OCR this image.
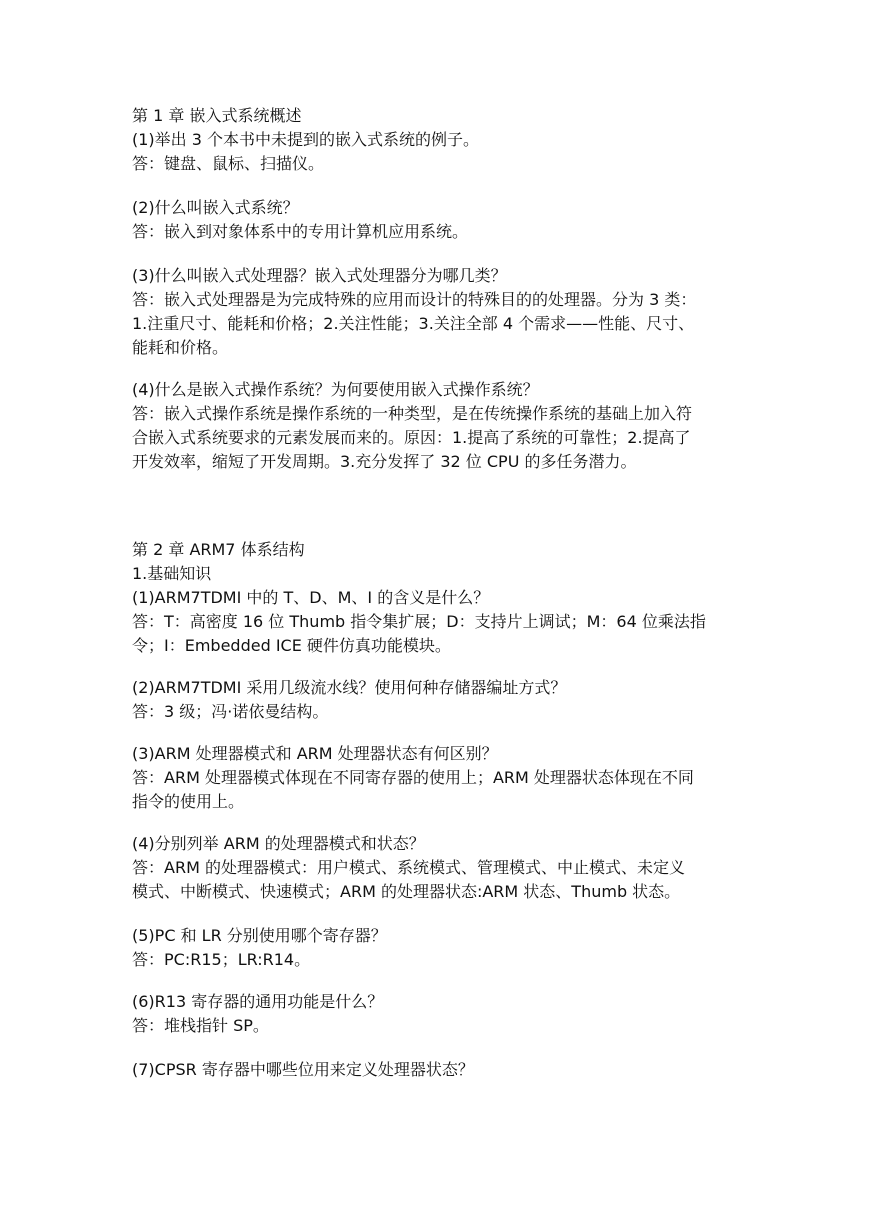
第 1 章 嵌入式系统概述
(1)举出 3 个本书中未提到的嵌入式系统的例子。
答：键盘、鼠标、扫描仪。
(2)什么叫嵌入式系统？
答：嵌入到对象体系中的专用计算机应用系统。
(3)什么叫嵌入式处理器？嵌入式处理器分为哪几类？
答：嵌入式处理器是为完成特殊的应用而设计的特殊目的的处理器。分为 3 类：
1.注重尺寸、能耗和价格；2.关注性能；3.关注全部 4 个需求——性能、尺寸、
能耗和价格。
(4)什么是嵌入式操作系统？为何要使用嵌入式操作系统？
答：嵌入式操作系统是操作系统的一种类型，是在传统操作系统的基础上加入符
合嵌入式系统要求的元素发展而来的。原因：1.提高了系统的可靠性；2.提高了
开发效率，缩短了开发周期。3.充分发挥了 32 位 CPU 的多任务潜力。
第 2 章 ARM7 体系结构
1.基础知识
(1)ARM7TDMI 中的 T、D、M、I 的含义是什么？
答：T：高密度 16 位 Thumb 指令集扩展；D：支持片上调试；M：64 位乘法指
令；I：Embedded ICE 硬件仿真功能模块。
(2)ARM7TDMI 采用几级流水线？使用何种存储器编址方式？
答：3 级；冯·诺依曼结构。
(3)ARM 处理器模式和 ARM 处理器状态有何区别？
答：ARM 处理器模式体现在不同寄存器的使用上；ARM 处理器状态体现在不同
指令的使用上。
(4)分别列举 ARM 的处理器模式和状态？
答：ARM 的处理器模式：用户模式、系统模式、管理模式、中止模式、未定义
模式、中断模式、快速模式；ARM 的处理器状态:ARM 状态、Thumb 状态。
(5)PC 和 LR 分别使用哪个寄存器？
答：PC:R15；LR:R14。
(6)R13 寄存器的通用功能是什么？
答：堆栈指针 SP。
(7)CPSR 寄存器中哪些位用来定义处理器状态？
